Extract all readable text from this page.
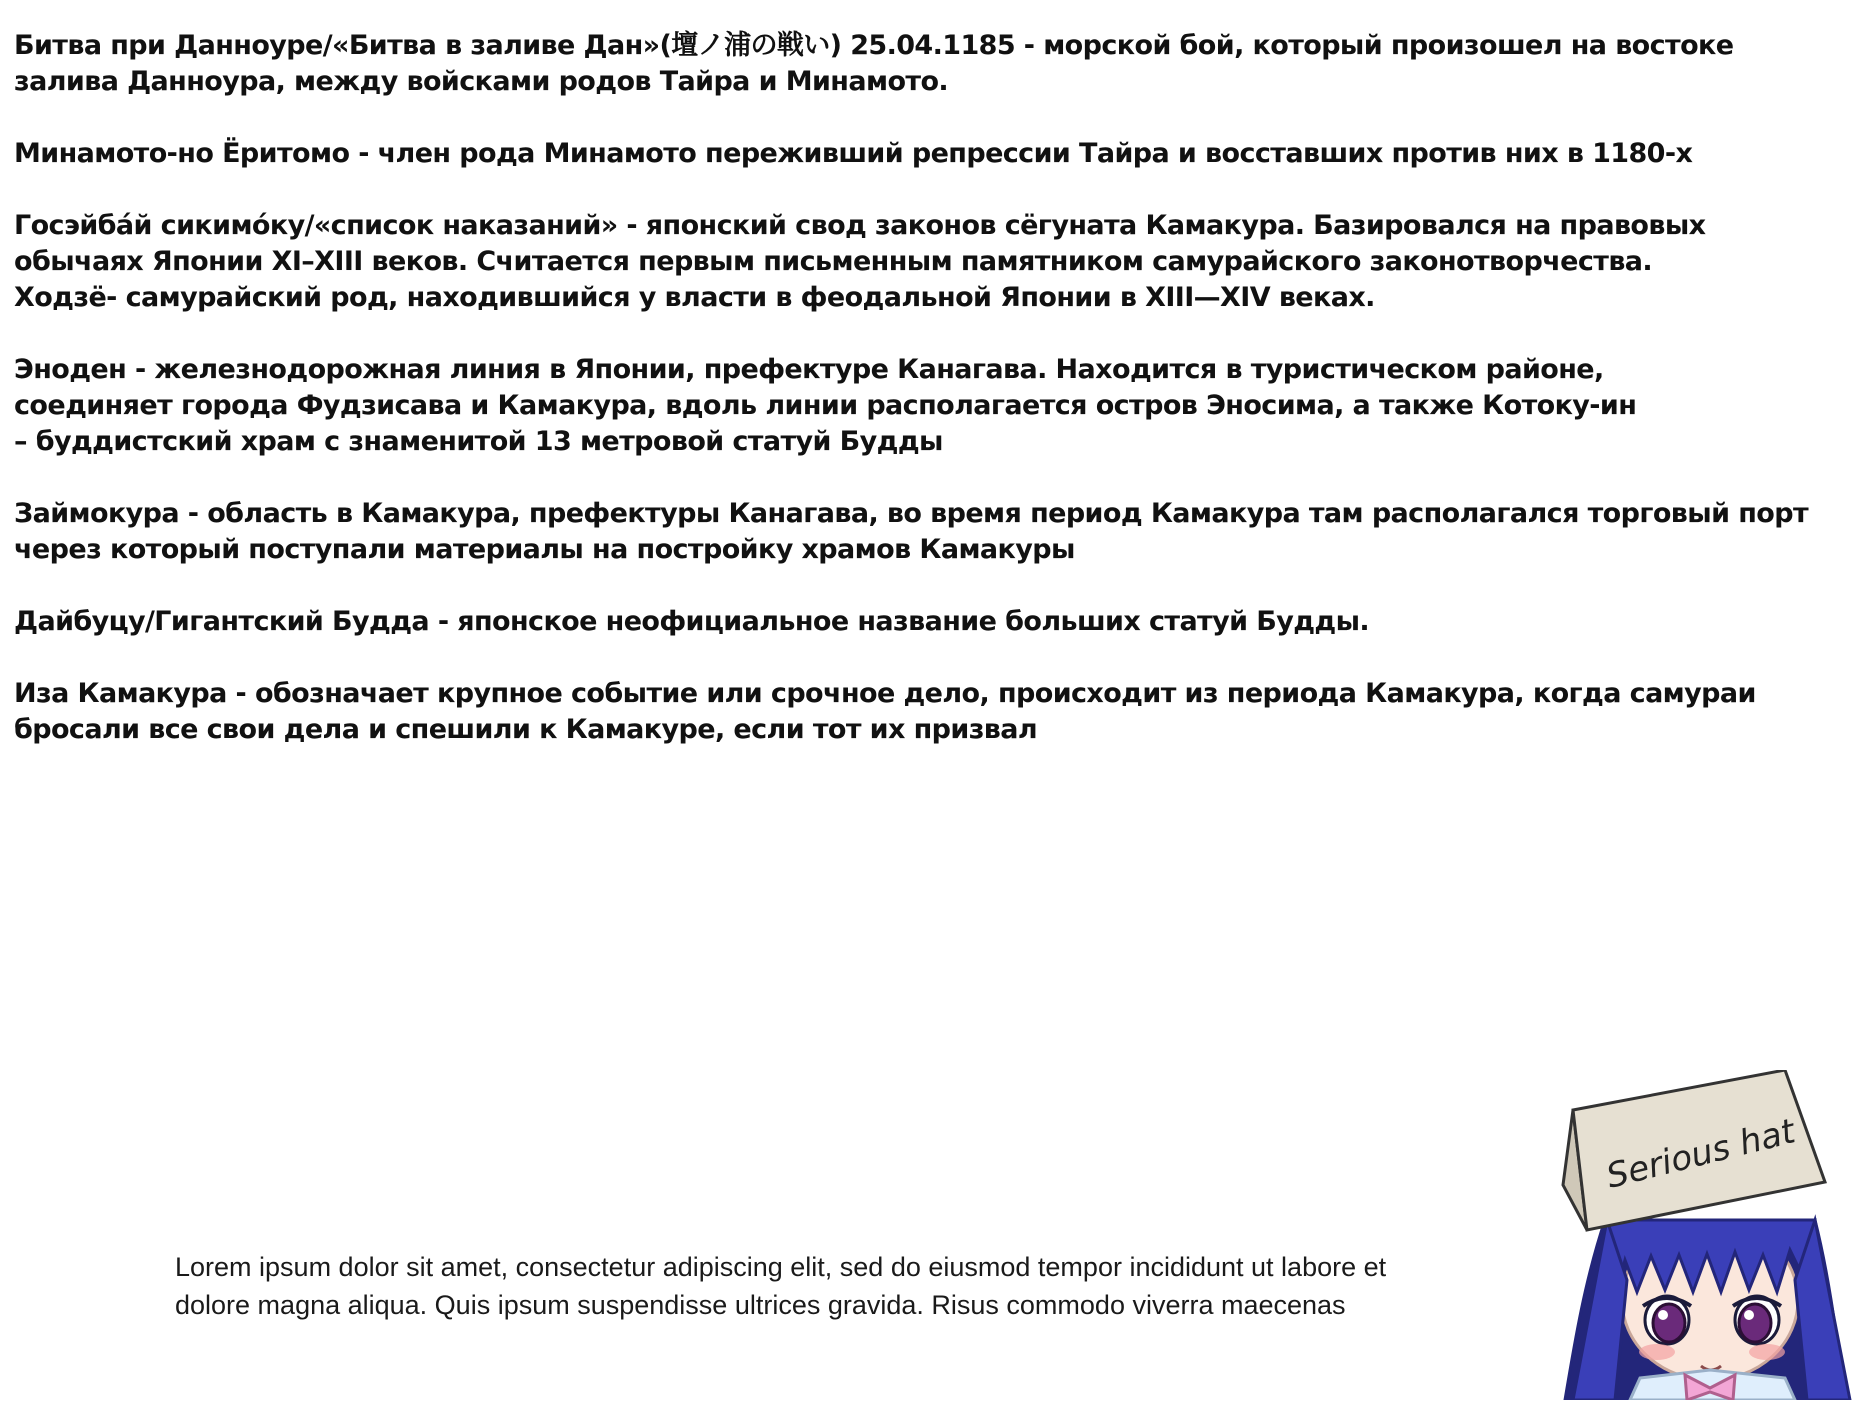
Битва при Данноуре/«Битва в заливе Дан»(壇ノ浦の戦い) 25.04.1185 - морской бой, который произошел на востоке
залива Данноура, между войсками родов Тайра и Минамото.

Минамото-но Ёритомо - член рода Минамото переживший репрессии Тайра и восставших против них в 1180-х

Госэйба́й сикимо́ку/«список наказаний» - японский свод законов сёгуната Камакура. Базировался на правовых
обычаях Японии XI–XIII веков. Считается первым письменным памятником самурайского законотворчества.
Ходзё- самурайский род, находившийся у власти в феодальной Японии в XIII—XIV веках.

Эноден - железнодорожная линия в Японии, префектуре Канагава. Находится в туристическом районе,
соединяет города Фудзисава и Камакура, вдоль линии располагается остров Эносима, а также Котоку-ин
– буддистский храм с знаменитой 13 метровой статуй Будды

Займокура - область в Камакура, префектуры Канагава, во время период Камакура там располагался торговый порт
через который поступали материалы на постройку храмов Камакуры

Дайбуцу/Гигантский Будда - японское неофициальное название больших статуй Будды.

Иза Камакура - обозначает крупное событие или срочное дело, происходит из периода Камакура, когда самураи
бросали все свои дела и спешили к Камакуре, если тот их призвал

Lorem ipsum dolor sit amet, consectetur adipiscing elit, sed do eiusmod tempor incididunt ut labore et
dolore magna aliqua. Quis ipsum suspendisse ultrices gravida. Risus commodo viverra maecenas
Serious hat
